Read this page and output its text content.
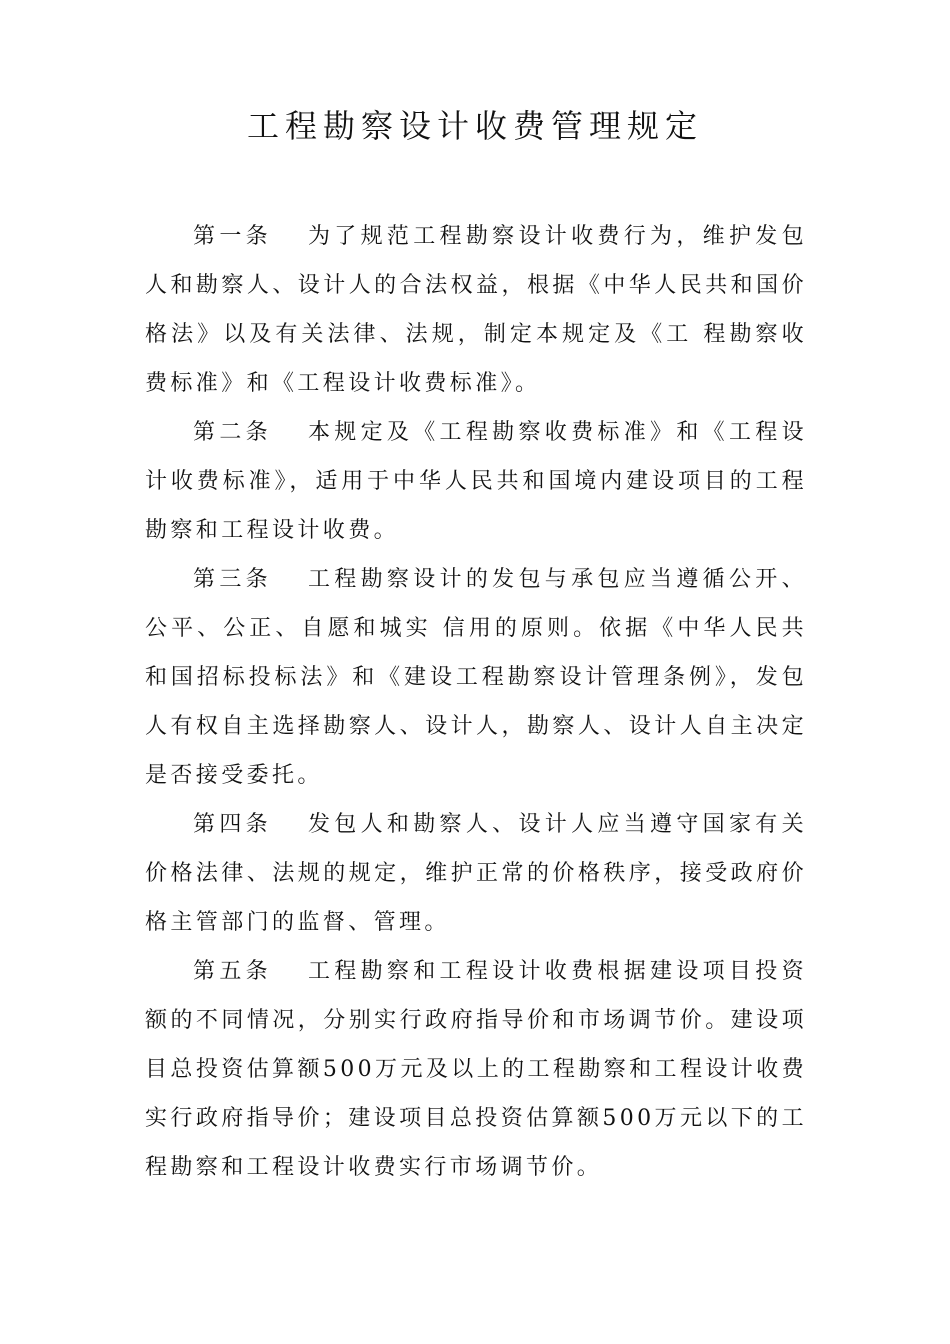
工程勘察设计收费管理规定

第一条 为了规范工程勘察设计收费行为，维护发包人和勘察人、设计人的合法权益，根据《中华人民共和国价格法》以及有关法律、法规，制定本规定及《工 程勘察收费标准》和《工程设计收费标准》。

第二条 本规定及《工程勘察收费标准》和《工程设计收费标准》，适用于中华人民共和国境内建设项目的工程勘察和工程设计收费。

第三条 工程勘察设计的发包与承包应当遵循公开、公平、公正、自愿和城实 信用的原则。依据《中华人民共和国招标投标法》和《建设工程勘察设计管理条例》，发包人有权自主选择勘察人、设计人，勘察人、设计人自主决定是否接受委托。

第四条 发包人和勘察人、设计人应当遵守国家有关价格法律、法规的规定，维护正常的价格秩序，接受政府价格主管部门的监督、管理。

第五条 工程勘察和工程设计收费根据建设项目投资额的不同情况，分别实行政府指导价和市场调节价。建设项目总投资估算额500万元及以上的工程勘察和工程设计收费实行政府指导价；建设项目总投资估算额500万元以下的工程勘察和工程设计收费实行市场调节价。
